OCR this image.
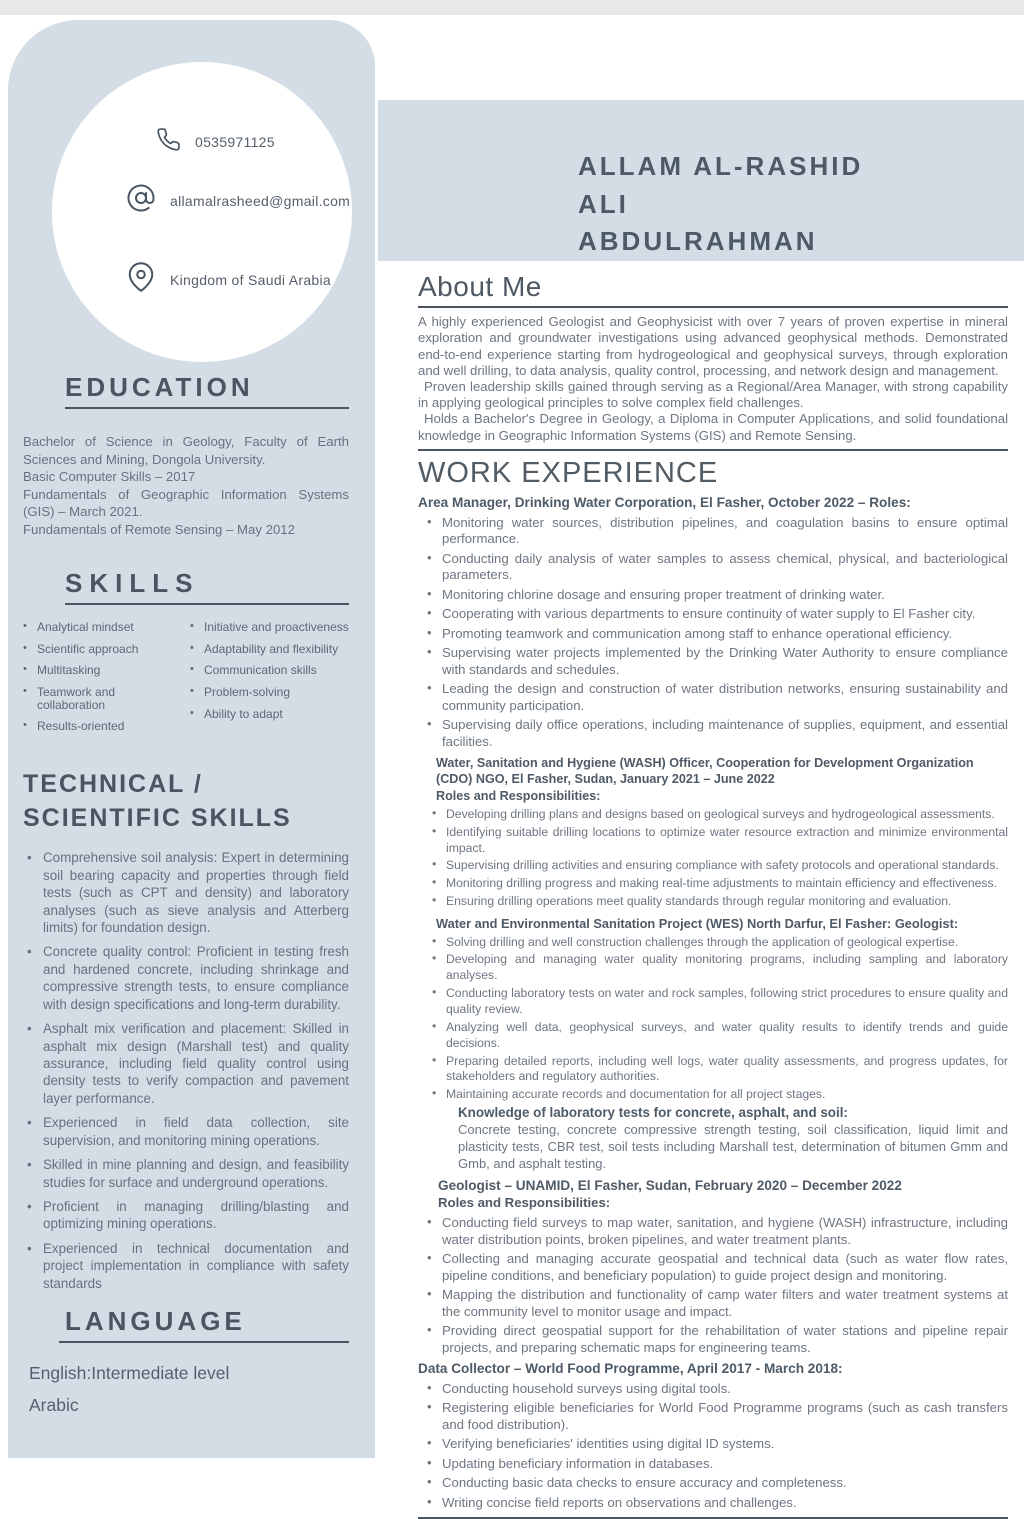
0535971125
allamalrasheed@gmail.com
Kingdom of Saudi Arabia
EDUCATION
Bachelor of Science in Geology, Faculty of Earth Sciences and Mining, Dongola University.
Basic Computer Skills – 2017
Fundamentals of Geographic Information Systems (GIS) – March 2021.
Fundamentals of Remote Sensing – May 2012
SKILLS
• Analytical mindset
• Scientific approach
• Multitasking
• Teamwork and collaboration
• Results-oriented
• Initiative and proactiveness
• Adaptability and flexibility
• Communication skills
• Problem-solving
• Ability to adapt
TECHNICAL / SCIENTIFIC SKILLS
• Comprehensive soil analysis: Expert in determining soil bearing capacity and properties through field tests (such as CPT and density) and laboratory analyses (such as sieve analysis and Atterberg limits) for foundation design.
• Concrete quality control: Proficient in testing fresh and hardened concrete, including shrinkage and compressive strength tests, to ensure compliance with design specifications and long-term durability.
• Asphalt mix verification and placement: Skilled in asphalt mix design (Marshall test) and quality assurance, including field quality control using density tests to verify compaction and pavement layer performance.
• Experienced in field data collection, site supervision, and monitoring mining operations.
• Skilled in mine planning and design, and feasibility studies for surface and underground operations.
• Proficient in managing drilling/blasting and optimizing mining operations.
• Experienced in technical documentation and project implementation in compliance with safety standards
LANGUAGE
English:Intermediate level
Arabic
ALLAM AL-RASHID
ALI
ABDULRAHMAN
About Me

A highly experienced Geologist and Geophysicist with over 7 years of proven expertise in mineral exploration and groundwater investigations using advanced geophysical methods. Demonstrated end-to-end experience starting from hydrogeological and geophysical surveys, through exploration and well drilling, to data analysis, quality control, processing, and network design and management.

Proven leadership skills gained through serving as a Regional/Area Manager, with strong capability in applying geological principles to solve complex field challenges.

Holds a Bachelor's Degree in Geology, a Diploma in Computer Applications, and solid foundational knowledge in Geographic Information Systems (GIS) and Remote Sensing.

WORK EXPERIENCE
Area Manager, Drinking Water Corporation, El Fasher, October 2022 – Roles:
• Monitoring water sources, distribution pipelines, and coagulation basins to ensure optimal performance.
• Conducting daily analysis of water samples to assess chemical, physical, and bacteriological parameters.
• Monitoring chlorine dosage and ensuring proper treatment of drinking water.
• Cooperating with various departments to ensure continuity of water supply to El Fasher city.
• Promoting teamwork and communication among staff to enhance operational efficiency.
• Supervising water projects implemented by the Drinking Water Authority to ensure compliance with standards and schedules.
• Leading the design and construction of water distribution networks, ensuring sustainability and community participation.
• Supervising daily office operations, including maintenance of supplies, equipment, and essential facilities.
Water, Sanitation and Hygiene (WASH) Officer, Cooperation for Development Organization (CDO) NGO, El Fasher, Sudan, January 2021 – June 2022
Roles and Responsibilities:
• Developing drilling plans and designs based on geological surveys and hydrogeological assessments.
• Identifying suitable drilling locations to optimize water resource extraction and minimize environmental impact.
• Supervising drilling activities and ensuring compliance with safety protocols and operational standards.
• Monitoring drilling progress and making real-time adjustments to maintain efficiency and effectiveness.
• Ensuring drilling operations meet quality standards through regular monitoring and evaluation.
Water and Environmental Sanitation Project (WES) North Darfur, El Fasher: Geologist:
• Solving drilling and well construction challenges through the application of geological expertise.
• Developing and managing water quality monitoring programs, including sampling and laboratory analyses.
• Conducting laboratory tests on water and rock samples, following strict procedures to ensure quality and quality review.
• Analyzing well data, geophysical surveys, and water quality results to identify trends and guide decisions.
• Preparing detailed reports, including well logs, water quality assessments, and progress updates, for stakeholders and regulatory authorities.
• Maintaining accurate records and documentation for all project stages.
Knowledge of laboratory tests for concrete, asphalt, and soil:

Concrete testing, concrete compressive strength testing, soil classification, liquid limit and plasticity tests, CBR test, soil tests including Marshall test, determination of bitumen Gmm and Gmb, and asphalt testing.

Geologist – UNAMID, El Fasher, Sudan, February 2020 – December 2022
Roles and Responsibilities:
• Conducting field surveys to map water, sanitation, and hygiene (WASH) infrastructure, including water distribution points, broken pipelines, and water treatment plants.
• Collecting and managing accurate geospatial and technical data (such as water flow rates, pipeline conditions, and beneficiary population) to guide project design and monitoring.
• Mapping the distribution and functionality of camp water filters and water treatment systems at the community level to monitor usage and impact.
• Providing direct geospatial support for the rehabilitation of water stations and pipeline repair projects, and preparing schematic maps for engineering teams.
Data Collector – World Food Programme, April 2017 - March 2018:
• Conducting household surveys using digital tools.
• Registering eligible beneficiaries for World Food Programme programs (such as cash transfers and food distribution).
• Verifying beneficiaries' identities using digital ID systems.
• Updating beneficiary information in databases.
• Conducting basic data checks to ensure accuracy and completeness.
• Writing concise field reports on observations and challenges.
